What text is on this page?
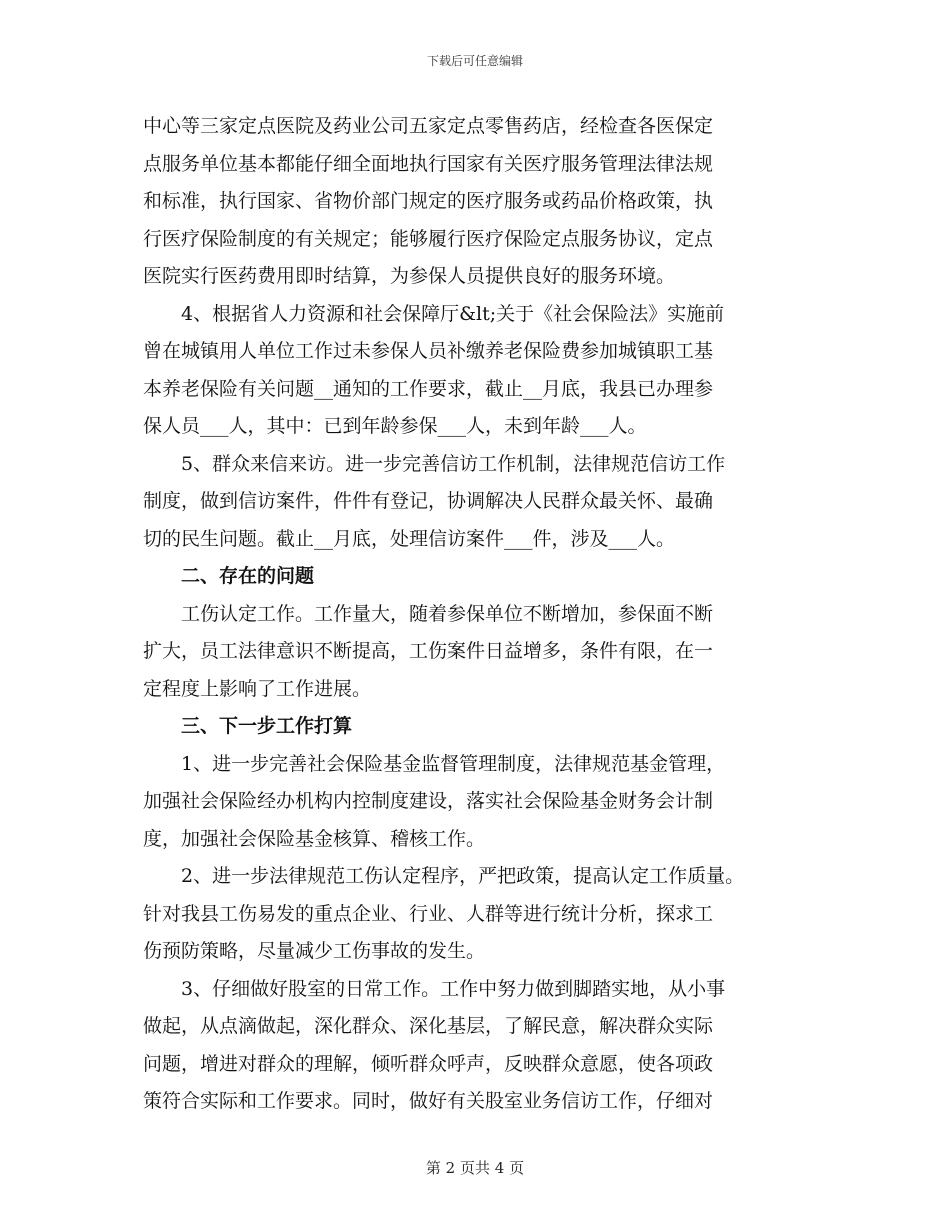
下载后可任意编辑
中心等三家定点医院及药业公司五家定点零售药店，经检查各医保定
点服务单位基本都能仔细全面地执行国家有关医疗服务管理法律法规
和标准，执行国家、省物价部门规定的医疗服务或药品价格政策，执
行医疗保险制度的有关规定；能够履行医疗保险定点服务协议，定点
医院实行医药费用即时结算，为参保人员提供良好的服务环境。
4、根据省人力资源和社会保障厅&lt;关于《社会保险法》实施前
曾在城镇用人单位工作过未参保人员补缴养老保险费参加城镇职工基
本养老保险有关问题__通知的工作要求，截止__月底，我县已办理参
保人员___人，其中：已到年龄参保___人，未到年龄___人。
5、群众来信来访。进一步完善信访工作机制，法律规范信访工作
制度，做到信访案件，件件有登记，协调解决人民群众最关怀、最确
切的民生问题。截止__月底，处理信访案件___件，涉及___人。
二、存在的问题
工伤认定工作。工作量大，随着参保单位不断增加，参保面不断
扩大，员工法律意识不断提高，工伤案件日益增多，条件有限，在一
定程度上影响了工作进展。
三、下一步工作打算
1、进一步完善社会保险基金监督管理制度，法律规范基金管理，
加强社会保险经办机构内控制度建设，落实社会保险基金财务会计制
度，加强社会保险基金核算、稽核工作。
2、进一步法律规范工伤认定程序，严把政策，提高认定工作质量。
针对我县工伤易发的重点企业、行业、人群等进行统计分析，探求工
伤预防策略，尽量减少工伤事故的发生。
3、仔细做好股室的日常工作。工作中努力做到脚踏实地，从小事
做起，从点滴做起，深化群众、深化基层，了解民意，解决群众实际
问题，增进对群众的理解，倾听群众呼声，反映群众意愿，使各项政
策符合实际和工作要求。同时，做好有关股室业务信访工作，仔细对
第 2 页共 4 页
